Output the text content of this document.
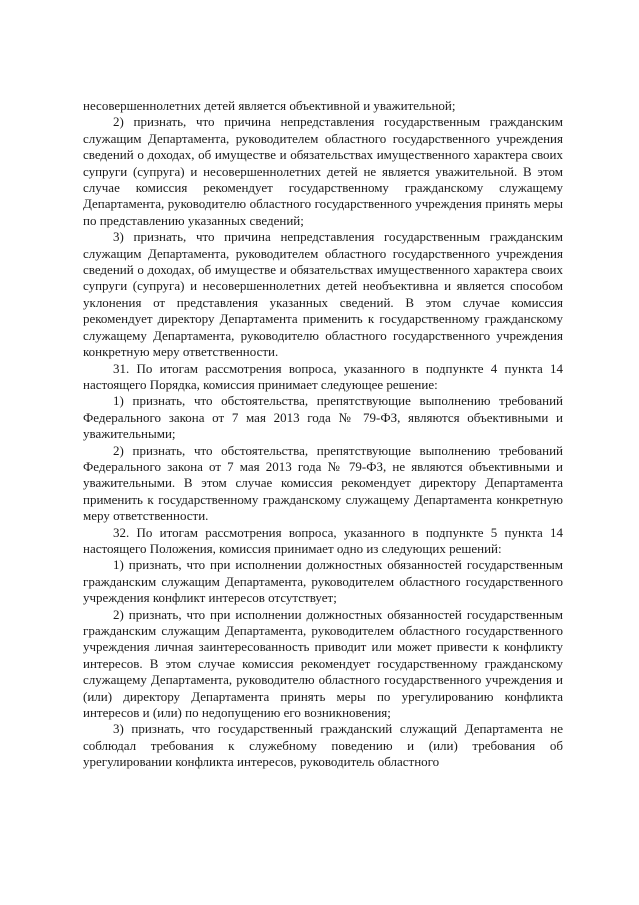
несовершеннолетних детей является объективной и уважительной;

2) признать, что причина непредставления государственным гражданским служащим Департамента, руководителем областного государственного учреждения сведений о доходах, об имуществе и обязательствах имущественного характера своих супруги (супруга) и несовершеннолетних детей не является уважительной. В этом случае комиссия рекомендует государственному гражданскому служащему Департамента, руководителю областного государственного учреждения принять меры по представлению указанных сведений;

3) признать, что причина непредставления государственным гражданским служащим Департамента, руководителем областного государственного учреждения сведений о доходах, об имуществе и обязательствах имущественного характера своих супруги (супруга) и несовершеннолетних детей необъективна и является способом уклонения от представления указанных сведений. В этом случае комиссия рекомендует директору Департамента применить к государственному гражданскому служащему Департамента, руководителю областного государственного учреждения конкретную меру ответственности.

31. По итогам рассмотрения вопроса, указанного в подпункте 4 пункта 14 настоящего Порядка, комиссия принимает следующее решение:

1) признать, что обстоятельства, препятствующие выполнению требований Федерального закона от 7 мая 2013 года № 79-ФЗ, являются объективными и уважительными;

2) признать, что обстоятельства, препятствующие выполнению требований Федерального закона от 7 мая 2013 года № 79-ФЗ, не являются объективными и уважительными. В этом случае комиссия рекомендует директору Департамента применить к государственному гражданскому служащему Департамента конкретную меру ответственности.

32. По итогам рассмотрения вопроса, указанного в подпункте 5 пункта 14 настоящего Положения, комиссия принимает одно из следующих решений:

1) признать, что при исполнении должностных обязанностей государственным гражданским служащим Департамента, руководителем областного государственного учреждения конфликт интересов отсутствует;

2) признать, что при исполнении должностных обязанностей государственным гражданским служащим Департамента, руководителем областного государственного учреждения личная заинтересованность приводит или может привести к конфликту интересов. В этом случае комиссия рекомендует государственному гражданскому служащему Департамента, руководителю областного государственного учреждения и (или) директору Департамента принять меры по урегулированию конфликта интересов и (или) по недопущению его возникновения;

3) признать, что государственный гражданский служащий Департамента не соблюдал требования к служебному поведению и (или) требования об урегулировании конфликта интересов, руководитель областного
